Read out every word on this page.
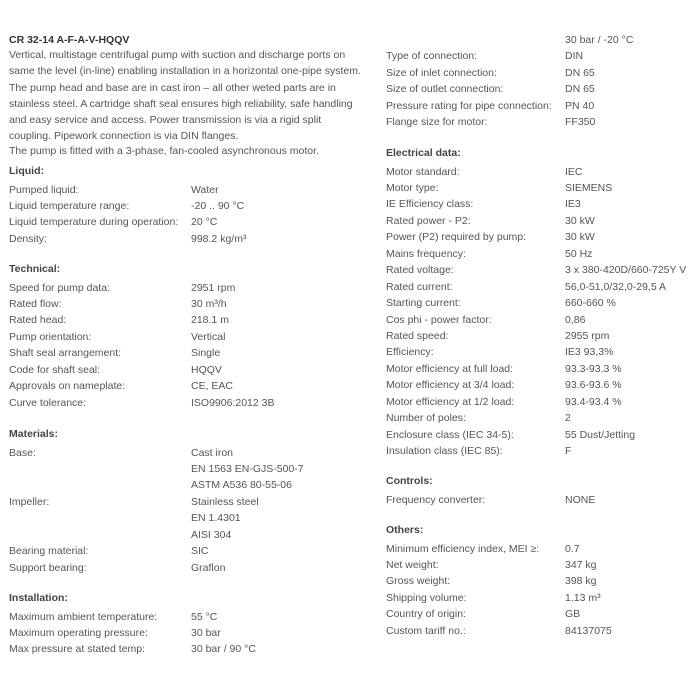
CR 32-14 A-F-A-V-HQQV
Vertical, multistage centrifugal pump with suction and discharge ports on
same the level (in-line) enabling installation in a horizontal one-pipe system.
The pump head and base are in cast iron – all other weted parts are in
stainless steel. A cartridge shaft seal ensures high reliability, safe handling
and easy service and access. Power transmission is via a rigid split
coupling. Pipework connection is via DIN flanges.
The pump is fitted with a 3-phase, fan-cooled asynchronous motor.
Liquid:
Pumped liquid:	Water
Liquid temperature range:	-20 .. 90 °C
Liquid temperature during operation: 20 °C
Density:	998.2 kg/m³
Technical:
Speed for pump data:	2951 rpm
Rated flow:	30 m³/h
Rated head:	218.1 m
Pump orientation:	Vertical
Shaft seal arrangement:	Single
Code for shaft seal:	HQQV
Approvals on nameplate:	CE, EAC
Curve tolerance:	ISO9906:2012 3B
Materials:
Base:	Cast iron
EN 1563 EN-GJS-500-7
ASTM A536 80-55-06
Impeller:	Stainless steel
EN 1.4301
AISI 304
Bearing material:	SIC
Support bearing:	Graflon
Installation:
Maximum ambient temperature:	55 °C
Maximum operating pressure:	30 bar
Max pressure at stated temp:	30 bar / 90 °C
30 bar / -20 °C
Type of connection:	DIN
Size of inlet connection:	DN 65
Size of outlet connection:	DN 65
Pressure rating for pipe connection: PN 40
Flange size for motor:	FF350
Electrical data:
Motor standard:	IEC
Motor type:	SIEMENS
IE Efficiency class:	IE3
Rated power - P2:	30 kW
Power (P2) required by pump:	30 kW
Mains frequency:	50 Hz
Rated voltage:	3 x 380-420D/660-725Y V
Rated current:	56,0-51,0/32,0-29,5 A
Starting current:	660-660 %
Cos phi - power factor:	0,86
Rated speed:	2955 rpm
Efficiency:	IE3 93,3%
Motor efficiency at full load:	93.3-93.3 %
Motor efficiency at 3/4 load:	93.6-93.6 %
Motor efficiency at 1/2 load:	93.4-93.4 %
Number of poles:	2
Enclosure class (IEC 34-5):	55 Dust/Jetting
Insulation class (IEC 85):	F
Controls:
Frequency converter:	NONE
Others:
Minimum efficiency index, MEI ≥: 0.7
Net weight:	347 kg
Gross weight:	398 kg
Shipping volume:	1.13 m³
Country of origin:	GB
Custom tariff no.:	84137075
